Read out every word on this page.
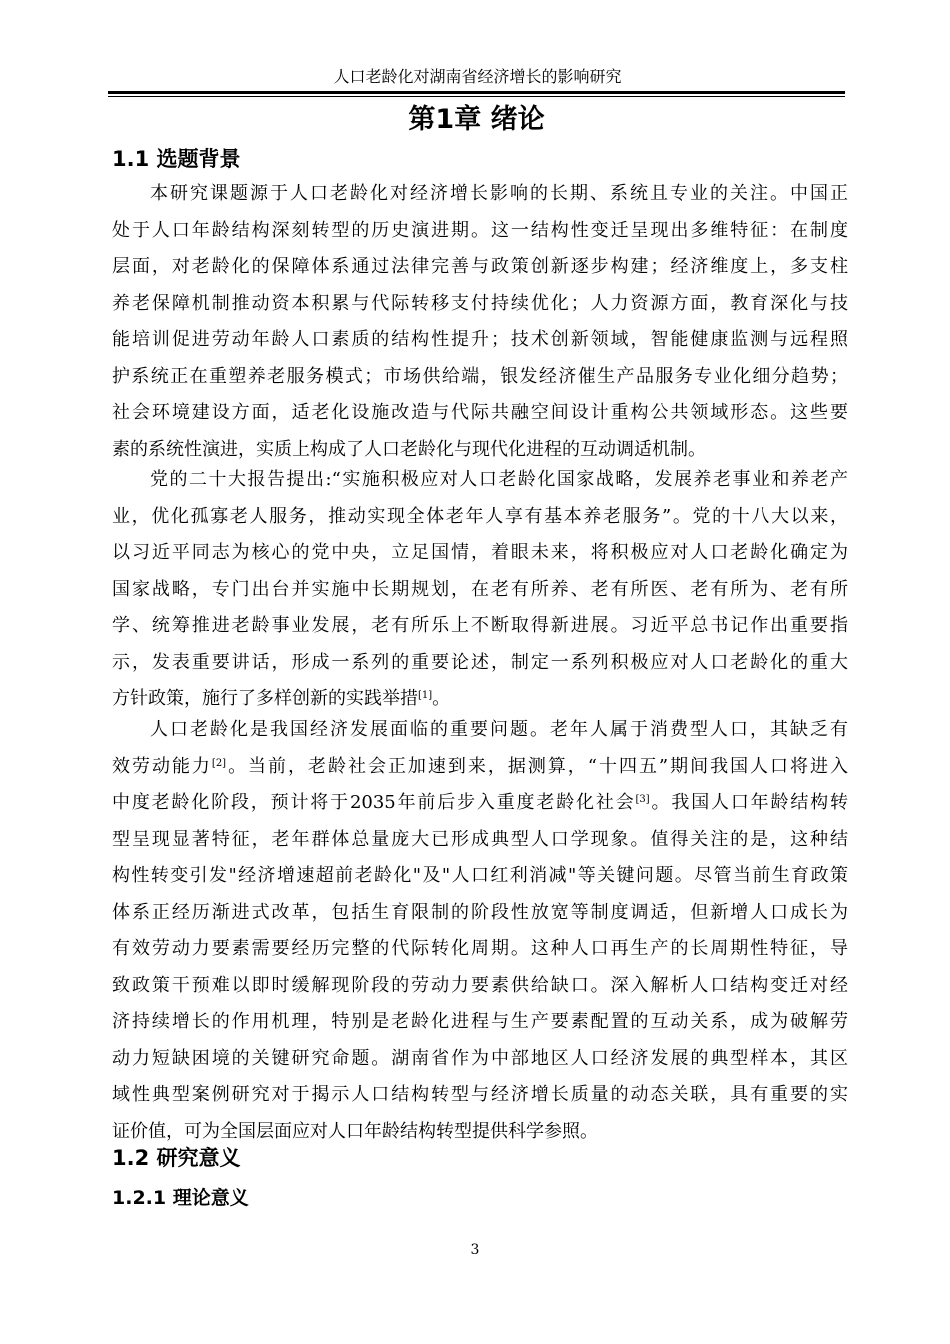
人口老龄化对湖南省经济增长的影响研究
第1章 绪论
1.1 选题背景
本研究课题源于人口老龄化对经济增长影响的长期、系统且专业的关注。中国正
处于人口年龄结构深刻转型的历史演进期。这一结构性变迁呈现出多维特征：在制度
层面，对老龄化的保障体系通过法律完善与政策创新逐步构建；经济维度上，多支柱
养老保障机制推动资本积累与代际转移支付持续优化；人力资源方面，教育深化与技
能培训促进劳动年龄人口素质的结构性提升；技术创新领域，智能健康监测与远程照
护系统正在重塑养老服务模式；市场供给端，银发经济催生产品服务专业化细分趋势；
社会环境建设方面，适老化设施改造与代际共融空间设计重构公共领域形态。这些要
素的系统性演进，实质上构成了人口老龄化与现代化进程的互动调适机制。
党的二十大报告提出:“实施积极应对人口老龄化国家战略，发展养老事业和养老产
业，优化孤寡老人服务，推动实现全体老年人享有基本养老服务”。党的十八大以来，
以习近平同志为核心的党中央，立足国情，着眼未来，将积极应对人口老龄化确定为
国家战略，专门出台并实施中长期规划，在老有所养、老有所医、老有所为、老有所
学、统筹推进老龄事业发展，老有所乐上不断取得新进展。习近平总书记作出重要指
示，发表重要讲话，形成一系列的重要论述，制定一系列积极应对人口老龄化的重大
方针政策，施行了多样创新的实践举措[1]。
人口老龄化是我国经济发展面临的重要问题。老年人属于消费型人口，其缺乏有
效劳动能力[2]。当前，老龄社会正加速到来，据测算，“十四五”期间我国人口将进入
中度老龄化阶段，预计将于2035年前后步入重度老龄化社会[3]。我国人口年龄结构转
型呈现显著特征，老年群体总量庞大已形成典型人口学现象。值得关注的是，这种结
构性转变引发"经济增速超前老龄化"及"人口红利消减"等关键问题。尽管当前生育政策
体系正经历渐进式改革，包括生育限制的阶段性放宽等制度调适，但新增人口成长为
有效劳动力要素需要经历完整的代际转化周期。这种人口再生产的长周期性特征，导
致政策干预难以即时缓解现阶段的劳动力要素供给缺口。深入解析人口结构变迁对经
济持续增长的作用机理，特别是老龄化进程与生产要素配置的互动关系，成为破解劳
动力短缺困境的关键研究命题。湖南省作为中部地区人口经济发展的典型样本，其区
域性典型案例研究对于揭示人口结构转型与经济增长质量的动态关联，具有重要的实
证价值，可为全国层面应对人口年龄结构转型提供科学参照。
1.2 研究意义
1.2.1 理论意义
3
